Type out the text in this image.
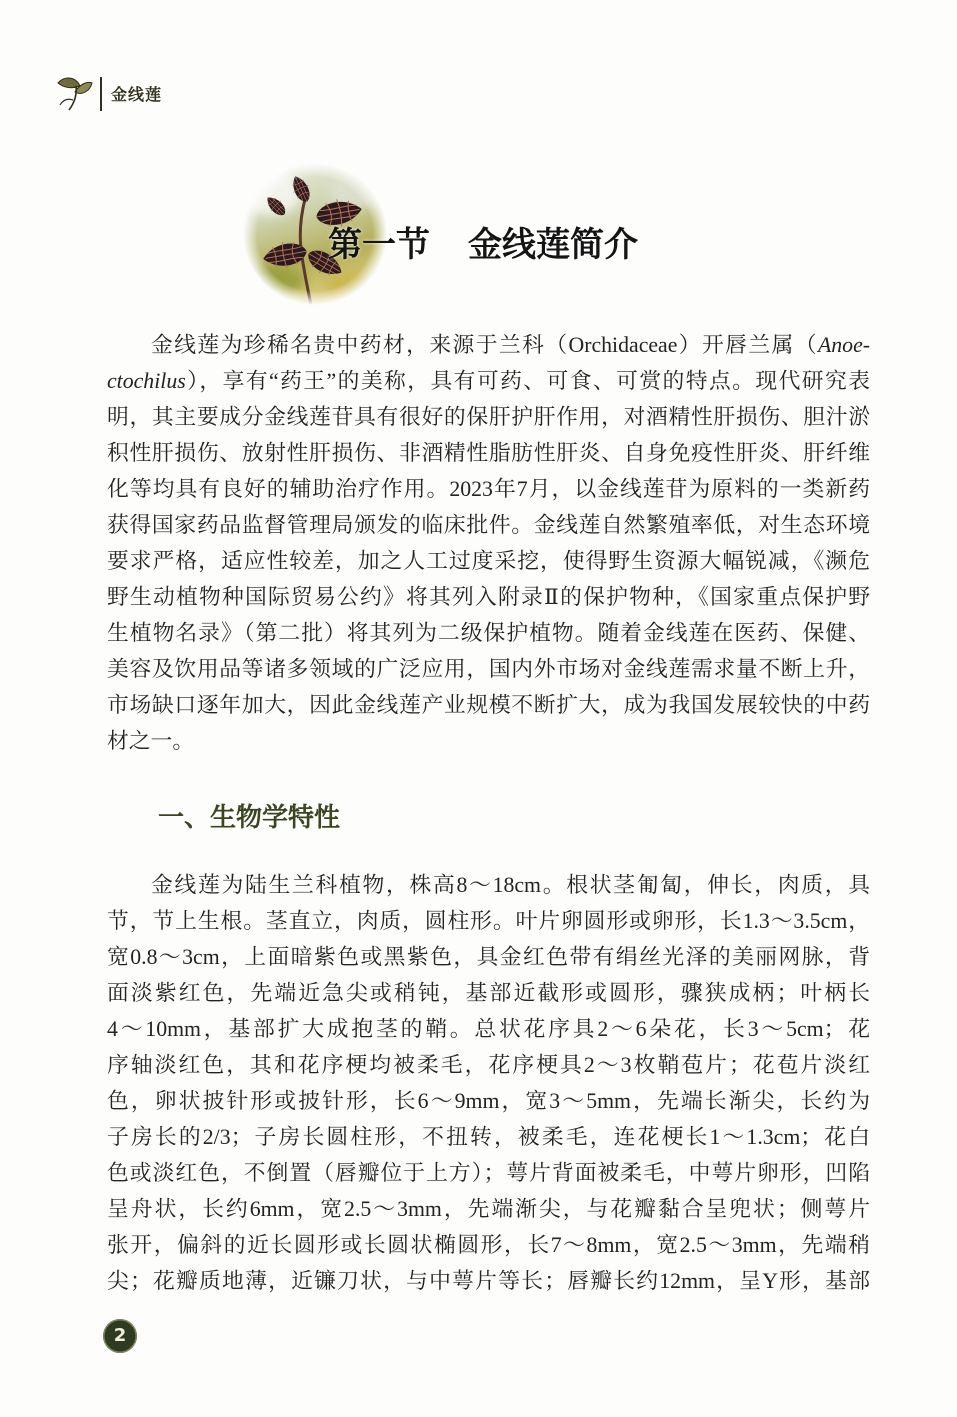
金线莲
第一节 金线莲简介
金线莲为珍稀名贵中药材，来源于兰科（Orchidaceae）开唇兰属（Anoe-
ctochilus），享有“药王”的美称，具有可药、可食、可赏的特点。现代研究表
明，其主要成分金线莲苷具有很好的保肝护肝作用，对酒精性肝损伤、胆汁淤
积性肝损伤、放射性肝损伤、非酒精性脂肪性肝炎、自身免疫性肝炎、肝纤维
化等均具有良好的辅助治疗作用。2023年7月，以金线莲苷为原料的一类新药
获得国家药品监督管理局颁发的临床批件。金线莲自然繁殖率低，对生态环境
要求严格，适应性较差，加之人工过度采挖，使得野生资源大幅锐减，《濒危
野生动植物种国际贸易公约》将其列入附录Ⅱ的保护物种，《国家重点保护野
生植物名录》（第二批）将其列为二级保护植物。随着金线莲在医药、保健、
美容及饮用品等诸多领域的广泛应用，国内外市场对金线莲需求量不断上升，
市场缺口逐年加大，因此金线莲产业规模不断扩大，成为我国发展较快的中药
材之一。
一、生物学特性
金线莲为陆生兰科植物，株高8～18cm。根状茎匍匐，伸长，肉质，具
节，节上生根。茎直立，肉质，圆柱形。叶片卵圆形或卵形，长1.3～3.5cm，
宽0.8～3cm，上面暗紫色或黑紫色，具金红色带有绢丝光泽的美丽网脉，背
面淡紫红色，先端近急尖或稍钝，基部近截形或圆形，骤狭成柄；叶柄长
4～10mm，基部扩大成抱茎的鞘。总状花序具2～6朵花，长3～5cm；花
序轴淡红色，其和花序梗均被柔毛，花序梗具2～3枚鞘苞片；花苞片淡红
色，卵状披针形或披针形，长6～9mm，宽3～5mm，先端长渐尖，长约为
子房长的2/3；子房长圆柱形，不扭转，被柔毛，连花梗长1～1.3cm；花白
色或淡红色，不倒置（唇瓣位于上方）；萼片背面被柔毛，中萼片卵形，凹陷
呈舟状，长约6mm，宽2.5～3mm，先端渐尖，与花瓣黏合呈兜状；侧萼片
张开，偏斜的近长圆形或长圆状椭圆形，长7～8mm，宽2.5～3mm，先端稍
尖；花瓣质地薄，近镰刀状，与中萼片等长；唇瓣长约12mm，呈Y形，基部
2
